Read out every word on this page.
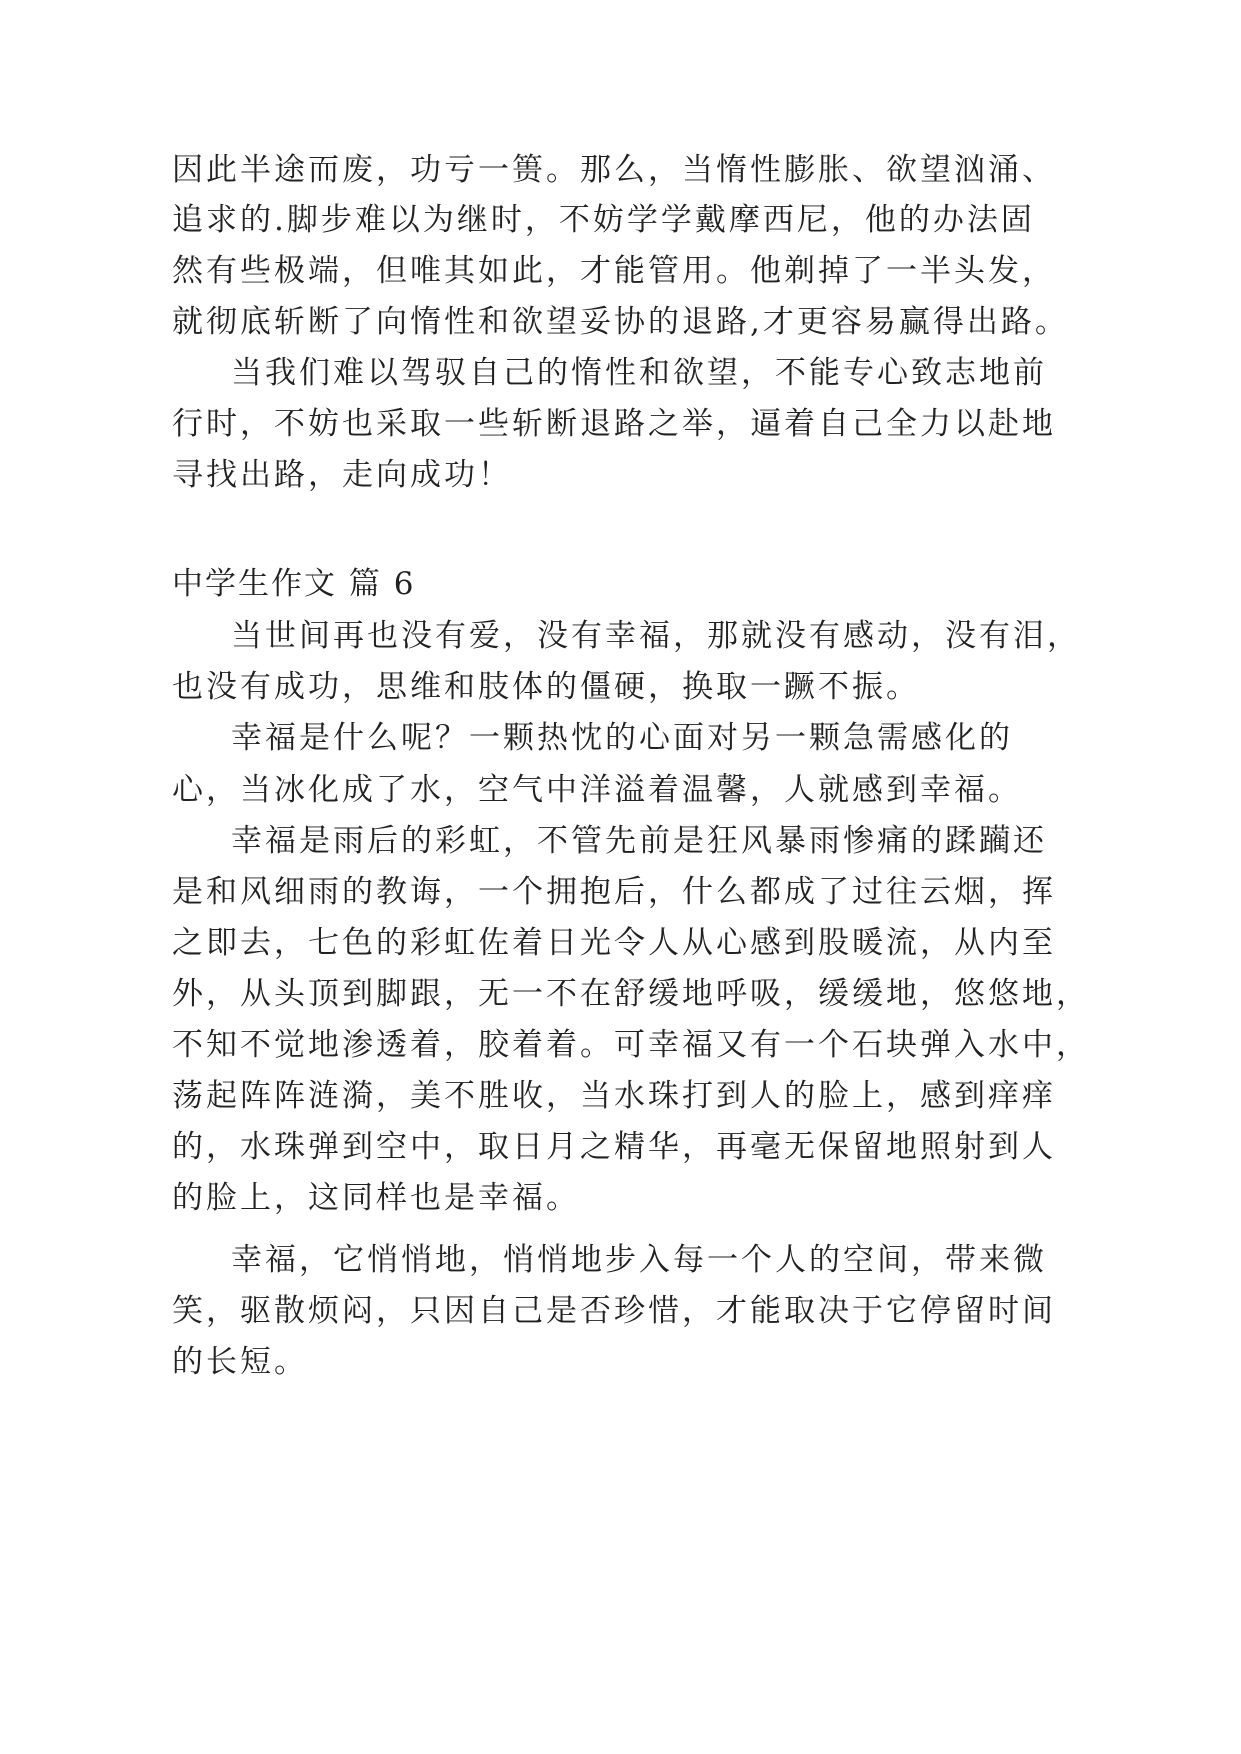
因此半途而废，功亏一篑。那么，当惰性膨胀、欲望汹涌、
追求的.脚步难以为继时，不妨学学戴摩西尼，他的办法固
然有些极端，但唯其如此，才能管用。他剃掉了一半头发，
就彻底斩断了向惰性和欲望妥协的退路,才更容易赢得出路。
当我们难以驾驭自己的惰性和欲望，不能专心致志地前
行时，不妨也采取一些斩断退路之举，逼着自己全力以赴地
寻找出路，走向成功！
中学生作文 篇 6
当世间再也没有爱，没有幸福，那就没有感动，没有泪，
也没有成功，思维和肢体的僵硬，换取一蹶不振。
幸福是什么呢？一颗热忱的心面对另一颗急需感化的
心，当冰化成了水，空气中洋溢着温馨，人就感到幸福。
幸福是雨后的彩虹，不管先前是狂风暴雨惨痛的蹂躏还
是和风细雨的教诲，一个拥抱后，什么都成了过往云烟，挥
之即去，七色的彩虹佐着日光令人从心感到股暖流，从内至
外，从头顶到脚跟，无一不在舒缓地呼吸，缓缓地，悠悠地，
不知不觉地渗透着，胶着着。可幸福又有一个石块弹入水中，
荡起阵阵涟漪，美不胜收，当水珠打到人的脸上，感到痒痒
的，水珠弹到空中，取日月之精华，再毫无保留地照射到人
的脸上，这同样也是幸福。
幸福，它悄悄地，悄悄地步入每一个人的空间，带来微
笑，驱散烦闷，只因自己是否珍惜，才能取决于它停留时间
的长短。
